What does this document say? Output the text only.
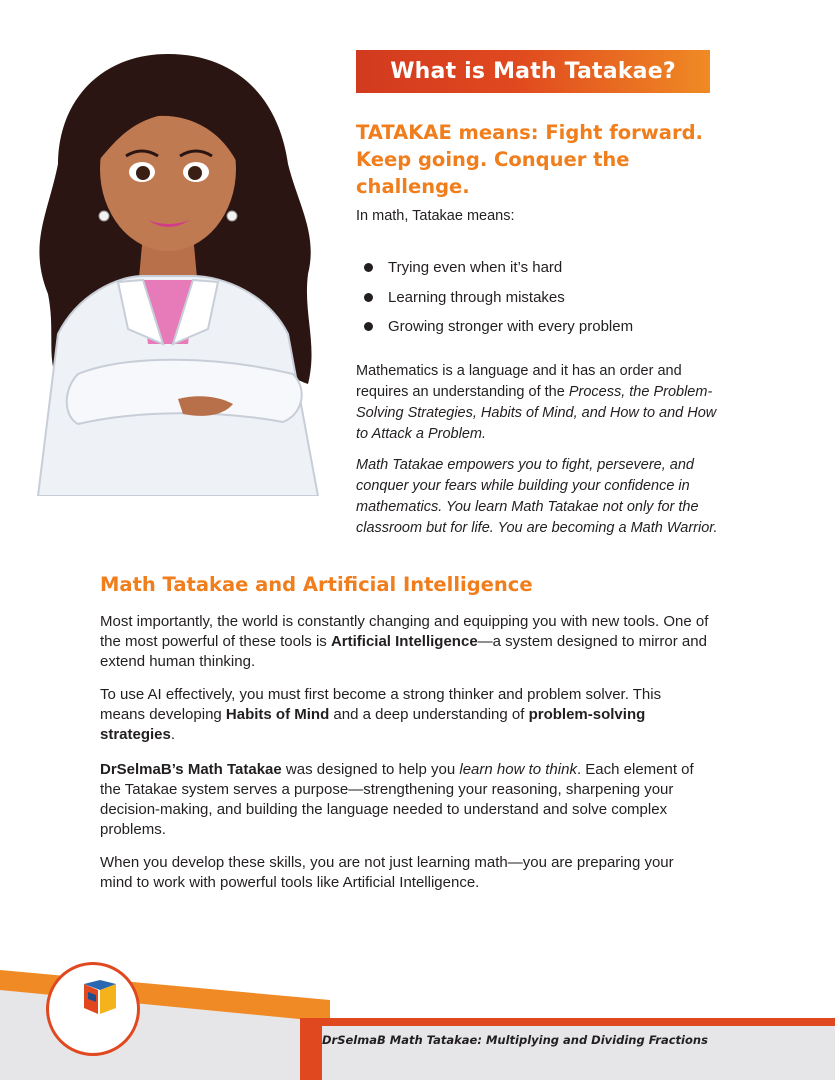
What is Math Tatakae?
TATAKAE means: Fight forward. Keep going. Conquer the challenge.

In math, Tatakae means:

Trying even when it’s hard
Learning through mistakes
Growing stronger with every problem

Mathematics is a language and it has an order and requires an understanding of the Process, the Problem-Solving Strategies, Habits of Mind, and How to and How to Attack a Problem.

Math Tatakae empowers you to fight, persevere, and conquer your fears while building your confidence in mathematics. You learn Math Tatakae not only for the classroom but for life. You are becoming a Math Warrior.

Math Tatakae and Artificial Intelligence

Most importantly, the world is constantly changing and equipping you with new tools. One of the most powerful of these tools is Artificial Intelligence—a system designed to mirror and extend human thinking.

To use AI effectively, you must first become a strong thinker and problem solver. This means developing Habits of Mind and a deep understanding of problem-solving strategies.

DrSelmaB’s Math Tatakae was designed to help you learn how to think. Each element of the Tatakae system serves a purpose—strengthening your reasoning, sharpening your decision-making, and building the language needed to understand and solve complex problems.

When you develop these skills, you are not just learning math—you are preparing your mind to work with powerful tools like Artificial Intelligence.

DrSelmaB Math Tatakae: Multiplying and Dividing Fractions
